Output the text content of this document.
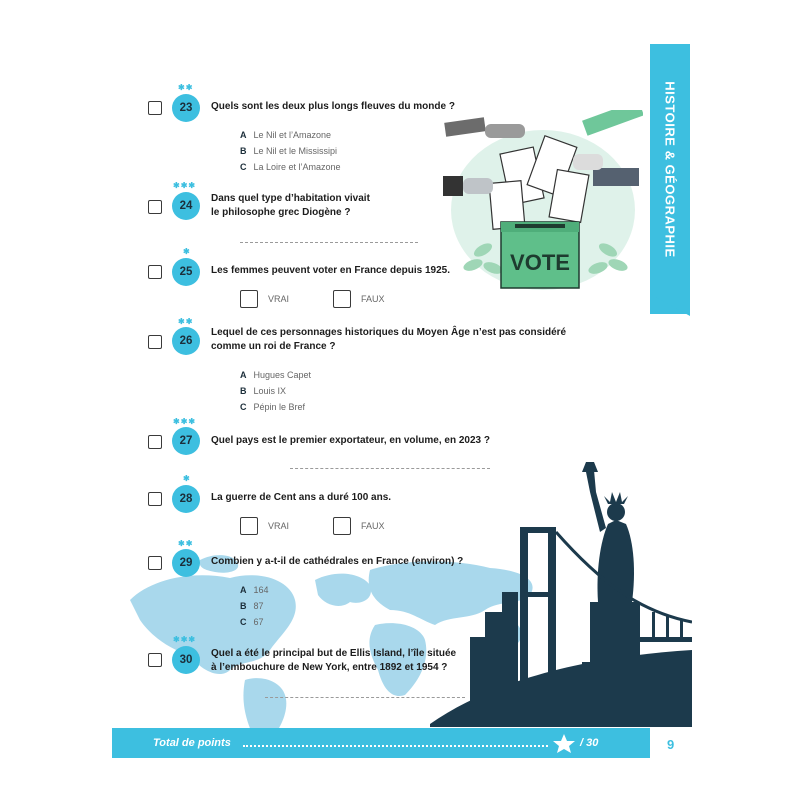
VOTE
HISTOIRE & GÉOGRAPHIE
✱✱
23	Quels sont les deux plus longs fleuves du monde ?
A Le Nil et l’Amazone
B Le Nil et le Mississipi
C La Loire et l’Amazone
✱✱✱
24
Dans quel type d’habitation vivait
le philosophe grec Diogène ?
✱
25	Les femmes peuvent voter en France depuis 1925.
VRAI	FAUX
✱✱
26
Lequel de ces personnages historiques du Moyen Âge n’est pas considéré
comme un roi de France ?
A Hugues Capet
B Louis IX
C Pépin le Bref
✱✱✱
27	Quel pays est le premier exportateur, en volume, en 2023 ?
✱
28	La guerre de Cent ans a duré 100 ans.
VRAI	FAUX
✱✱
29	Combien y a-t-il de cathédrales en France (environ) ?
A 164
B 87
C 67
✱✱✱
30
Quel a été le principal but de Ellis Island, l’île située
à l’embouchure de New York, entre 1892 et 1954 ?
Total de points	/ 30	9
